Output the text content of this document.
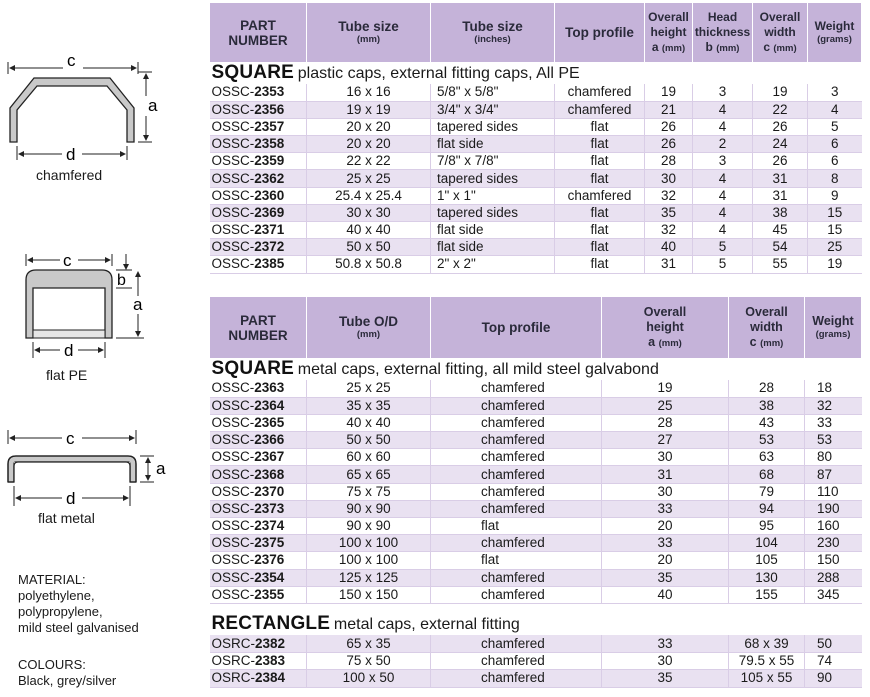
c
a
d
chamfered
c
b
a
d
flat PE
c
a
d
flat metal
MATERIAL:
polyethylene,
polypropylene,
mild steel galvanised
COLOURS:
Black, grey/silver
PART
NUMBER	Tube size
(mm)	Tube size
(inches)	Top profile	Overall
height
a (mm)	Head
thickness
b (mm)	Overall
width
c (mm)	Weight
(grams)

SQUARE plastic caps, external fitting caps, All PE							
OSSC-2353	16 x 16	5/8" x 5/8"	chamfered	19	3	19	3
OSSC-2356	19 x 19	3/4" x 3/4"	chamfered	21	4	22	4
OSSC-2357	20 x 20	tapered sides	flat	26	4	26	5
OSSC-2358	20 x 20	flat side	flat	26	2	24	6
OSSC-2359	22 x 22	7/8" x 7/8"	flat	28	3	26	6
OSSC-2362	25 x 25	tapered sides	flat	30	4	31	8
OSSC-2360	25.4 x 25.4	1" x 1"	chamfered	32	4	31	9
OSSC-2369	30 x 30	tapered sides	flat	35	4	38	15
OSSC-2371	40 x 40	flat side	flat	32	4	45	15
OSSC-2372	50 x 50	flat side	flat	40	5	54	25
OSSC-2385	50.8 x 50.8	2" x 2"	flat	31	5	55	19
PART
NUMBER	Tube O/D
(mm)	Top profile	Overall
height
a (mm)	Overall
width
c (mm)	Weight
(grams)

SQUARE metal caps, external fitting, all mild steel galvabond					
OSSC-2363	25 x 25	chamfered	19	28	18
OSSC-2364	35 x 35	chamfered	25	38	32
OSSC-2365	40 x 40	chamfered	28	43	33
OSSC-2366	50 x 50	chamfered	27	53	53
OSSC-2367	60 x 60	chamfered	30	63	80
OSSC-2368	65 x 65	chamfered	31	68	87
OSSC-2370	75 x 75	chamfered	30	79	110
OSSC-2373	90 x 90	chamfered	33	94	190
OSSC-2374	90 x 90	flat	20	95	160
OSSC-2375	100 x 100	chamfered	33	104	230
OSSC-2376	100 x 100	flat	20	105	150
OSSC-2354	125 x 125	chamfered	35	130	288
OSSC-2355	150 x 150	chamfered	40	155	345

RECTANGLE metal caps, external fitting					
OSRC-2382	65 x 35	chamfered	33	68 x 39	50
OSRC-2383	75 x 50	chamfered	30	79.5 x 55	74
OSRC-2384	100 x 50	chamfered	35	105 x 55	90
